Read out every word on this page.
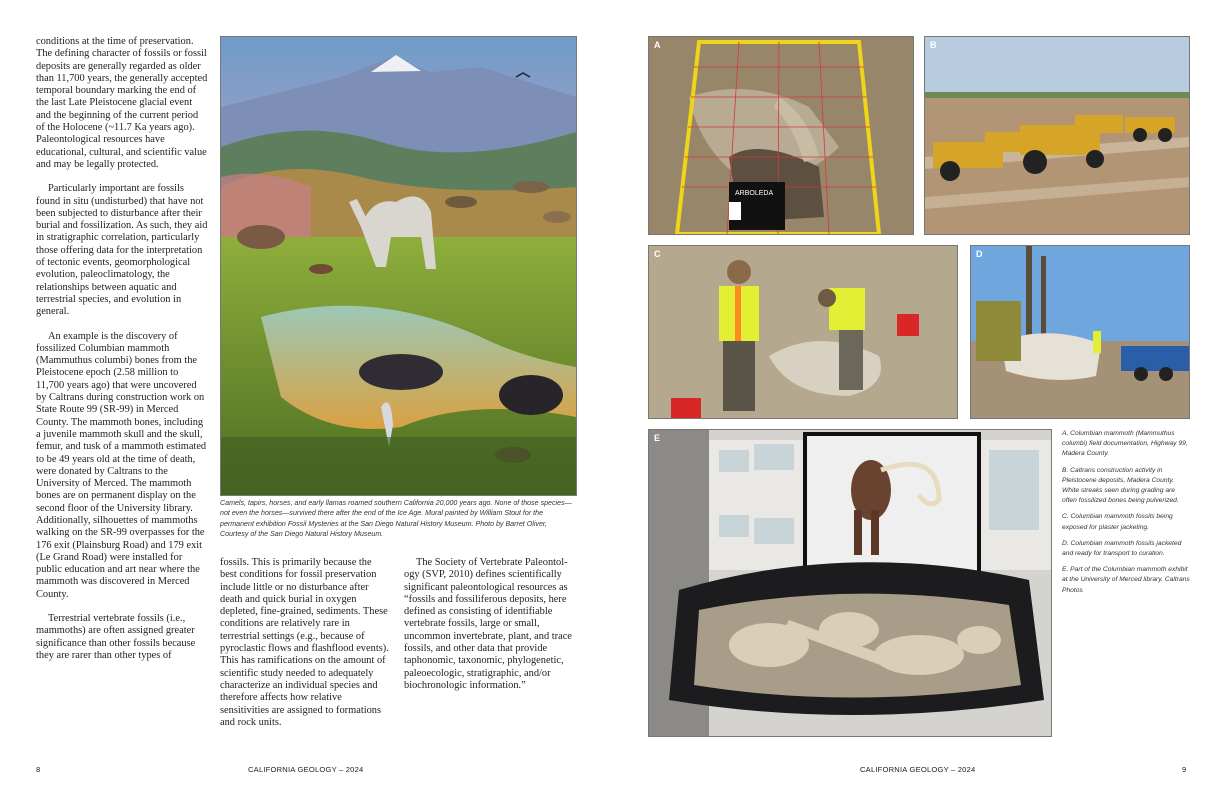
conditions at the time of preservation. The defining character of fossils or fossil deposits are generally regarded as older than 11,700 years, the generally accepted temporal boundary marking the end of the last Late Pleistocene glacial event and the beginning of the current period of the Holocene (~11.7 Ka years ago). Paleontological resources have educational, cultural, and scientific value and may be legally protected.

Particularly important are fossils found in situ (undisturbed) that have not been subjected to disturbance after their burial and fossilization. As such, they aid in stratigraphic correlation, particularly those offering data for the interpretation of tectonic events, geomorphological evolution, paleoclimatology, the relationships between aquatic and terrestrial species, and evolution in general.

An example is the discovery of fossilized Columbian mammoth (Mammuthus columbi) bones from the Pleistocene epoch (2.58 million to 11,700 years ago) that were uncovered by Caltrans during construction work on State Route 99 (SR-99) in Merced County. The mammoth bones, including a juvenile mammoth skull and the skull, femur, and tusk of a mammoth estimated to be 49 years old at the time of death, were donated by Caltrans to the University of Merced. The mammoth bones are on permanent display on the second floor of the University library. Additionally, silhouettes of mammoths walking on the SR-99 overpasses for the 176 exit (Plainsburg Road) and 179 exit (Le Grand Road) were installed for public education and art near where the mammoth was discovered in Merced County.

Terrestrial vertebrate fossils (i.e., mammoths) are often assigned greater significance than other fossils because they are rarer than other types of

Camels, tapirs, horses, and early llamas roamed southern California 20,000 years ago. None of those species—not even the horses—survived there after the end of the Ice Age. Mural painted by William Stout for the permanent exhibition Fossil Mysteries at the San Diego Natural History Museum. Photo by Barret Oliver, Courtesy of the San Diego Natural History Museum.

fossils. This is primarily because the best conditions for fossil preservation include little or no disturbance after death and quick burial in oxygen depleted, fine-grained, sediments. These conditions are relatively rare in terrestrial settings (e.g., because of pyroclastic flows and flashflood events). This has ramifications on the amount of scientific study needed to adequately characterize an individual species and therefore affects how relative sensitivities are assigned to formations and rock units.

The Society of Vertebrate Paleontol-ogy (SVP, 2010) defines scientifically significant paleontological resources as “fossils and fossiliferous deposits, here defined as consisting of identifiable vertebrate fossils, large or small, uncommon invertebrate, plant, and trace fossils, and other data that provide taphonomic, taxonomic, phylogenetic, paleoecologic, stratigraphic, and/or biochronologic information.”

8	CALIFORNIA GEOLOGY – 2024
ARBOLEDA
A	B
C	D
E	A. Columbian mammoth (Mammuthus columbi) field documentation, Highway 99, Madera County.

B. Caltrans construction activity in Pleistocene deposits, Madera County. White streaks seen during grading are often fossilized bones being pulverized.

C. Columbian mammoth fossils being exposed for plaster jacketing.

D. Columbian mammoth fossils jacketed and ready for transport to curation.

E. Part of the Columbian mammoth exhibit at the University of Merced library. Caltrans Photos

CALIFORNIA GEOLOGY – 2024	9
